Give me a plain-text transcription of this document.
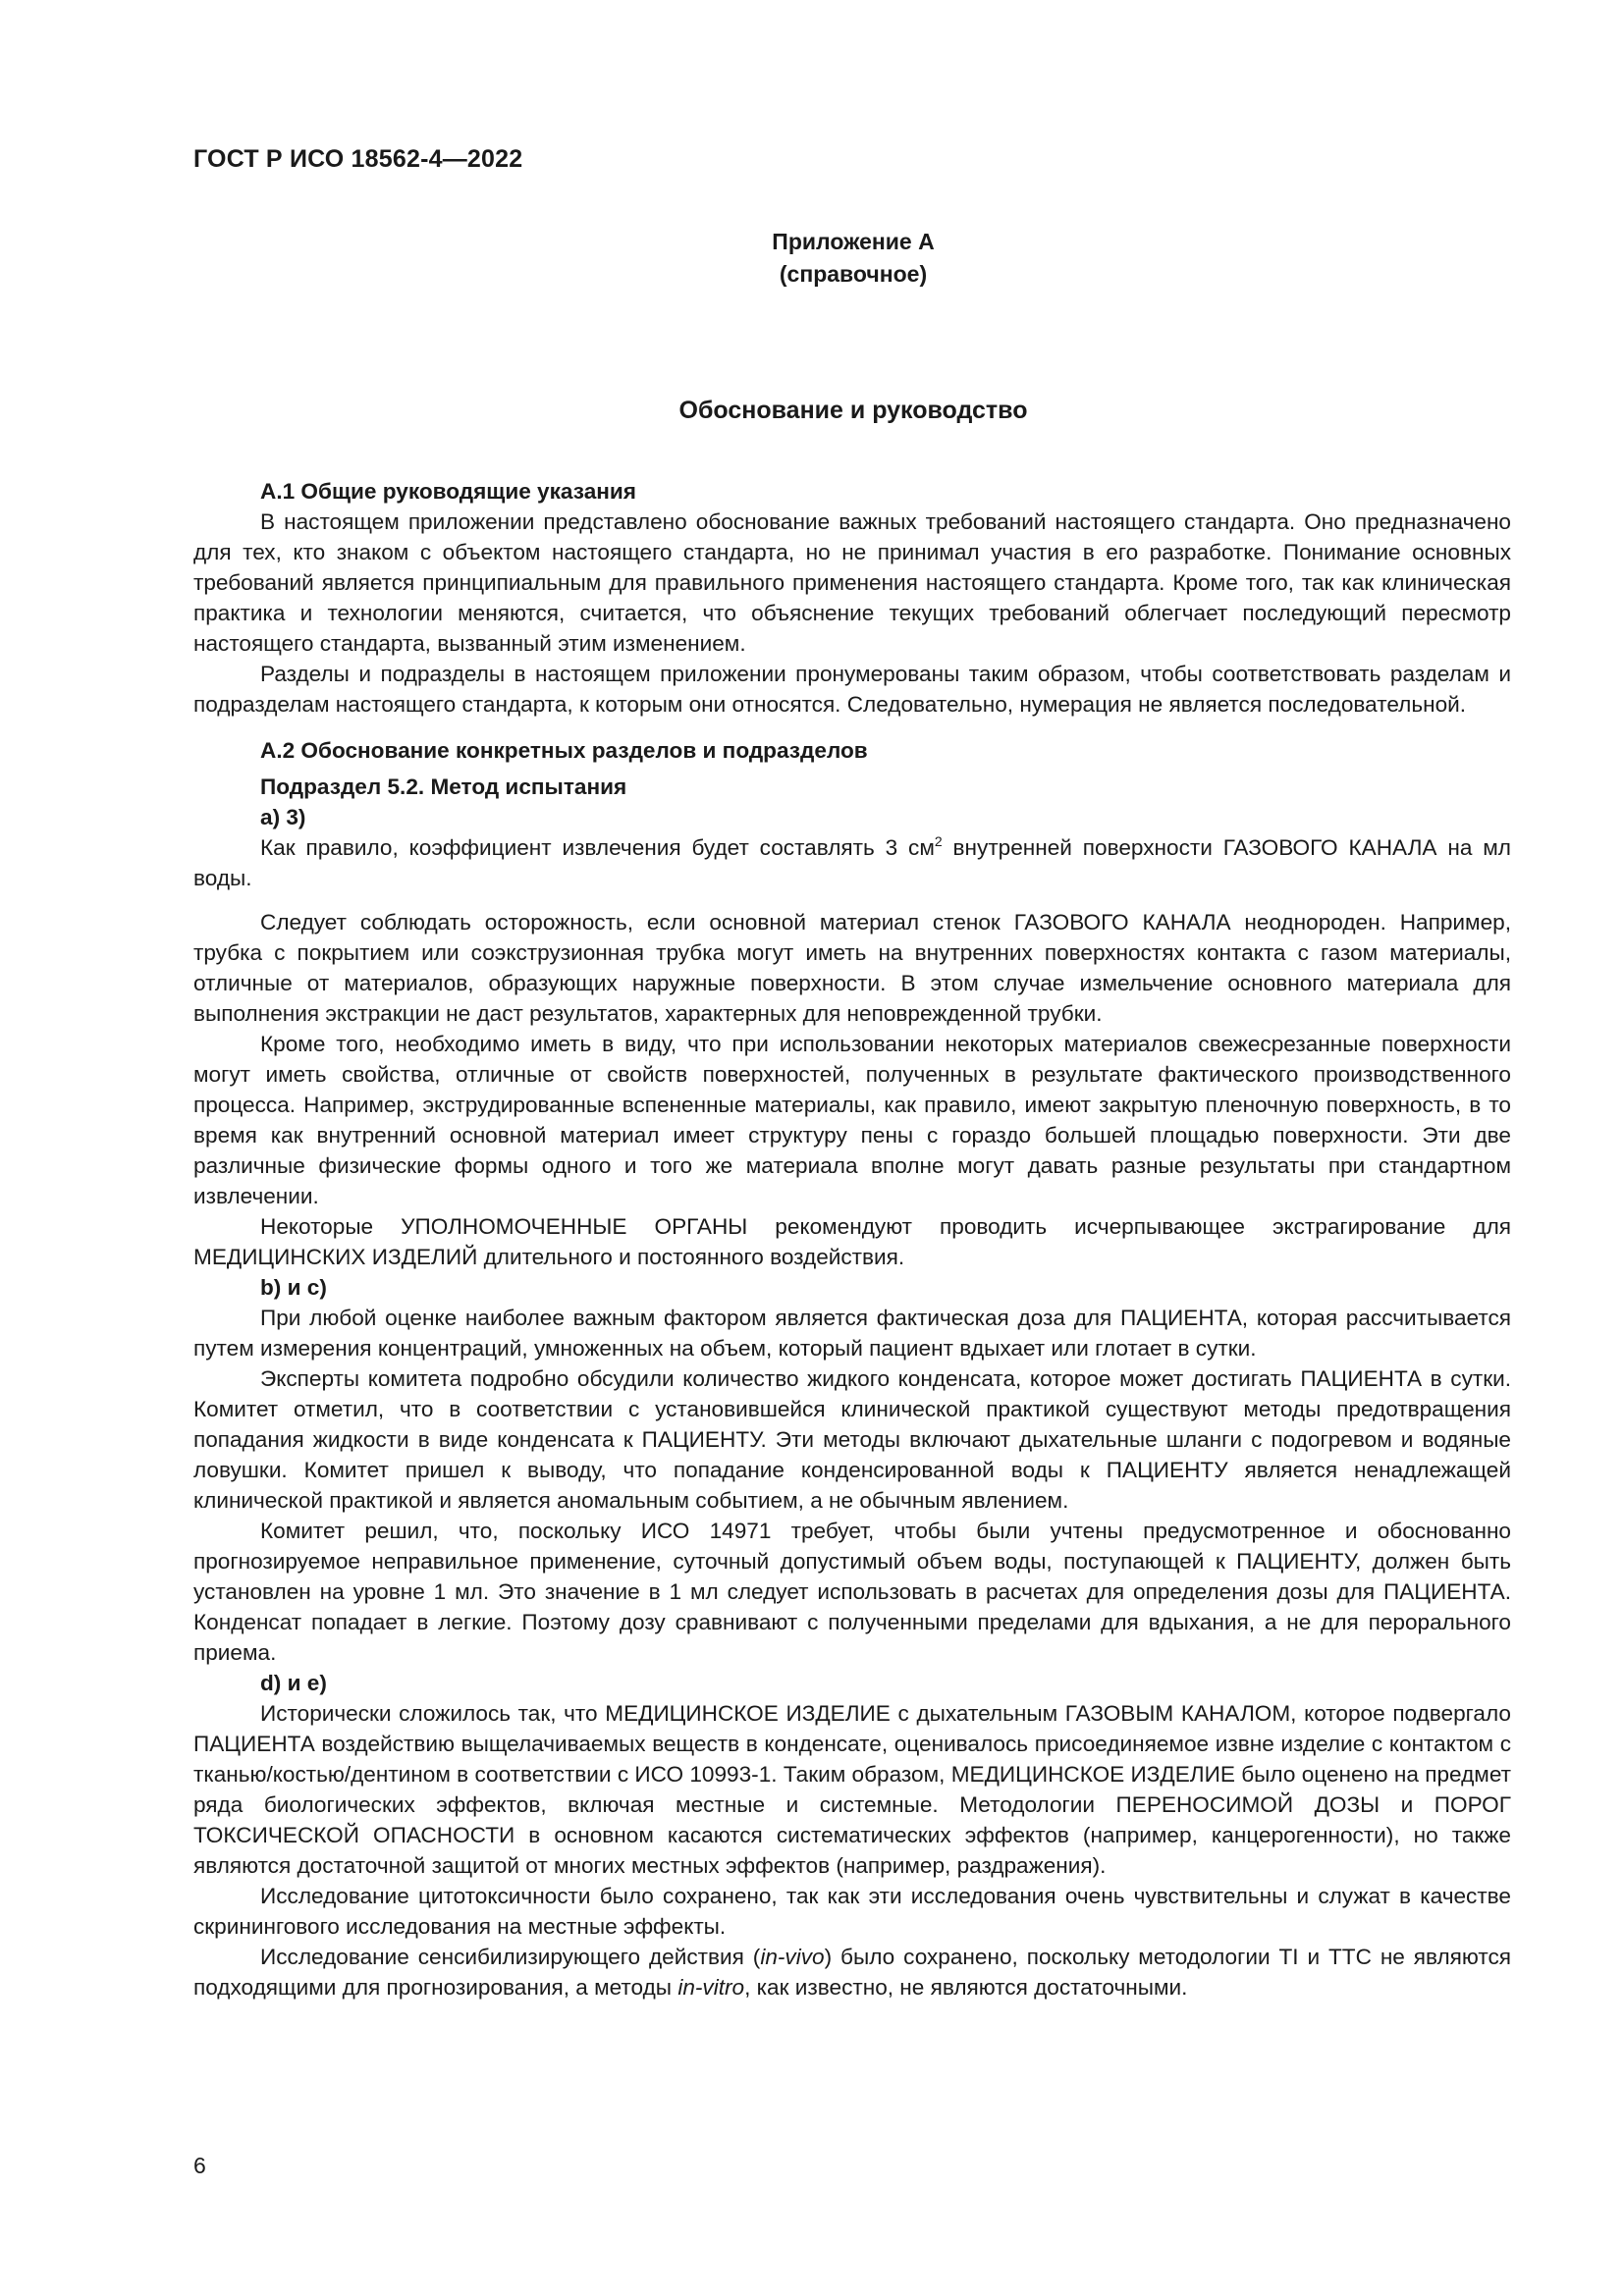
ГОСТ Р ИСО 18562-4—2022
Приложение А
(справочное)
Обоснование и руководство
А.1 Общие руководящие указания

В настоящем приложении представлено обоснование важных требований настоящего стандарта. Оно предназначено для тех, кто знаком с объектом настоящего стандарта, но не принимал участия в его разработке. Понимание основных требований является принципиальным для правильного применения настоящего стандарта. Кроме того, так как клиническая практика и технологии меняются, считается, что объяснение текущих требований облегчает последующий пересмотр настоящего стандарта, вызванный этим изменением.

Разделы и подразделы в настоящем приложении пронумерованы таким образом, чтобы соответствовать разделам и подразделам настоящего стандарта, к которым они относятся. Следовательно, нумерация не является последовательной.

А.2 Обоснование конкретных разделов и подразделов
Подраздел 5.2. Метод испытания
a) 3)

Как правило, коэффициент извлечения будет составлять 3 $см^2$ внутренней поверхности ГАЗОВОГО КАНАЛА на мл воды.

Следует соблюдать осторожность, если основной материал стенок ГАЗОВОГО КАНАЛА неоднороден. Например, трубка с покрытием или соэкструзионная трубка могут иметь на внутренних поверхностях контакта с газом материалы, отличные от материалов, образующих наружные поверхности. В этом случае измельчение основного материала для выполнения экстракции не даст результатов, характерных для неповрежденной трубки.

Кроме того, необходимо иметь в виду, что при использовании некоторых материалов свежесрезанные поверхности могут иметь свойства, отличные от свойств поверхностей, полученных в результате фактического производственного процесса. Например, экструдированные вспененные материалы, как правило, имеют закрытую пленочную поверхность, в то время как внутренний основной материал имеет структуру пены с гораздо большей площадью поверхности. Эти две различные физические формы одного и того же материала вполне могут давать разные результаты при стандартном извлечении.

Некоторые УПОЛНОМОЧЕННЫЕ ОРГАНЫ рекомендуют проводить исчерпывающее экстрагирование для МЕДИЦИНСКИХ ИЗДЕЛИЙ длительного и постоянного воздействия.

b) и c)

При любой оценке наиболее важным фактором является фактическая доза для ПАЦИЕНТА, которая рассчитывается путем измерения концентраций, умноженных на объем, который пациент вдыхает или глотает в сутки.

Эксперты комитета подробно обсудили количество жидкого конденсата, которое может достигать ПАЦИЕНТА в сутки. Комитет отметил, что в соответствии с установившейся клинической практикой существуют методы предотвращения попадания жидкости в виде конденсата к ПАЦИЕНТУ. Эти методы включают дыхательные шланги с подогревом и водяные ловушки. Комитет пришел к выводу, что попадание конденсированной воды к ПАЦИЕНТУ является ненадлежащей клинической практикой и является аномальным событием, а не обычным явлением.

Комитет решил, что, поскольку ИСО 14971 требует, чтобы были учтены предусмотренное и обоснованно прогнозируемое неправильное применение, суточный допустимый объем воды, поступающей к ПАЦИЕНТУ, должен быть установлен на уровне 1 мл. Это значение в 1 мл следует использовать в расчетах для определения дозы для ПАЦИЕНТА. Конденсат попадает в легкие. Поэтому дозу сравнивают с полученными пределами для вдыхания, а не для перорального приема.

d) и e)

Исторически сложилось так, что МЕДИЦИНСКОЕ ИЗДЕЛИЕ с дыхательным ГАЗОВЫМ КАНАЛОМ, которое подвергало ПАЦИЕНТА воздействию выщелачиваемых веществ в конденсате, оценивалось присоединяемое извне изделие с контактом с тканью/костью/дентином в соответствии с ИСО 10993-1. Таким образом, МЕДИЦИНСКОЕ ИЗДЕЛИЕ было оценено на предмет ряда биологических эффектов, включая местные и системные. Методологии ПЕРЕНОСИМОЙ ДОЗЫ и ПОРОГ ТОКСИЧЕСКОЙ ОПАСНОСТИ в основном касаются систематических эффектов (например, канцерогенности), но также являются достаточной защитой от многих местных эффектов (например, раздражения).

Исследование цитотоксичности было сохранено, так как эти исследования очень чувствительны и служат в качестве скринингового исследования на местные эффекты.

Исследование сенсибилизирующего действия (in-vivo) было сохранено, поскольку методологии TI и TTC не являются подходящими для прогнозирования, а методы in-vitro, как известно, не являются достаточными.

6
